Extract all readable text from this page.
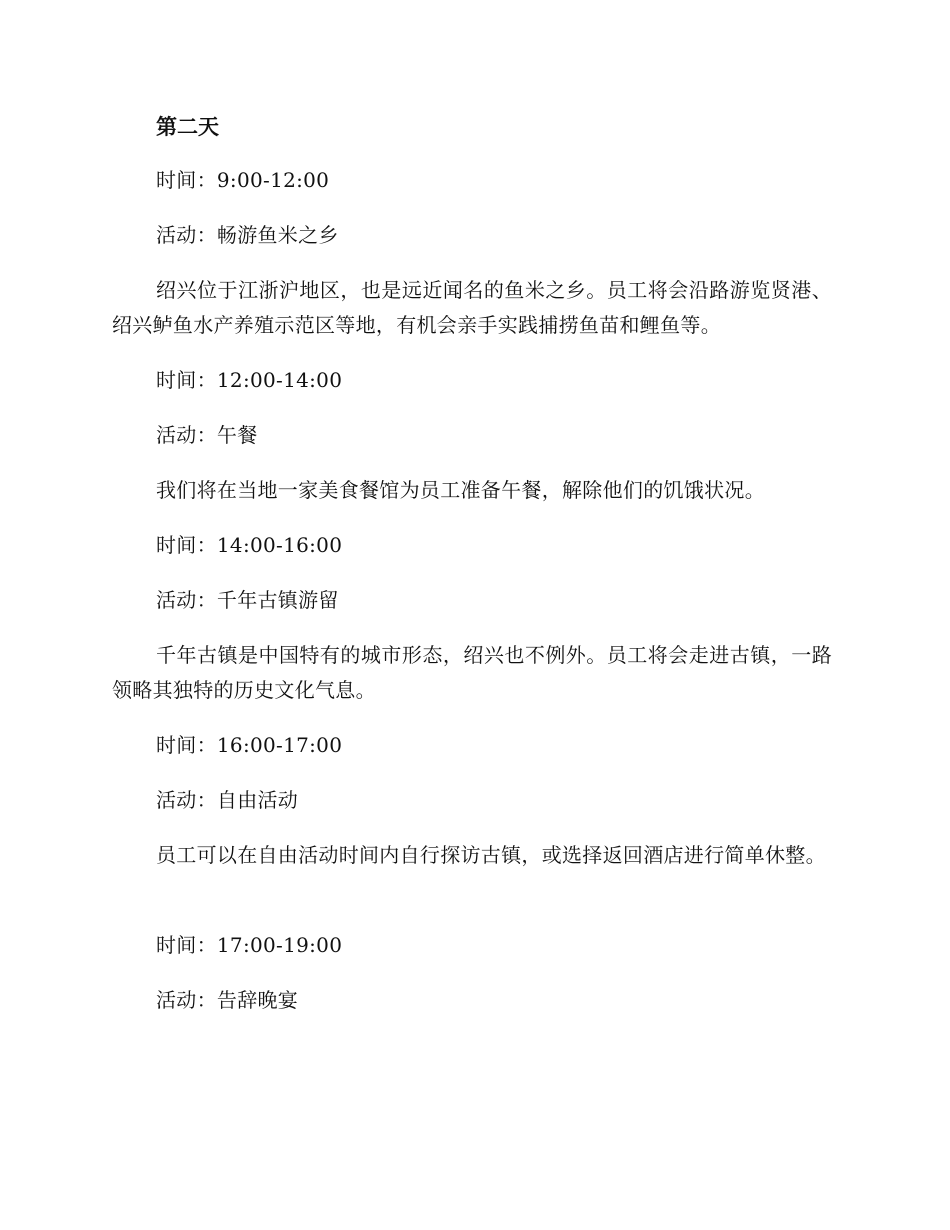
第二天
时间：9:00-12:00
活动：畅游鱼米之乡
绍兴位于江浙沪地区，也是远近闻名的鱼米之乡。员工将会沿路游览贤港、绍兴鲈鱼水产养殖示范区等地，有机会亲手实践捕捞鱼苗和鲤鱼等。
时间：12:00-14:00
活动：午餐
我们将在当地一家美食餐馆为员工准备午餐，解除他们的饥饿状况。
时间：14:00-16:00
活动：千年古镇游留
千年古镇是中国特有的城市形态，绍兴也不例外。员工将会走进古镇，一路领略其独特的历史文化气息。
时间：16:00-17:00
活动：自由活动
员工可以在自由活动时间内自行探访古镇，或选择返回酒店进行简单休整。
时间：17:00-19:00
活动：告辞晚宴
